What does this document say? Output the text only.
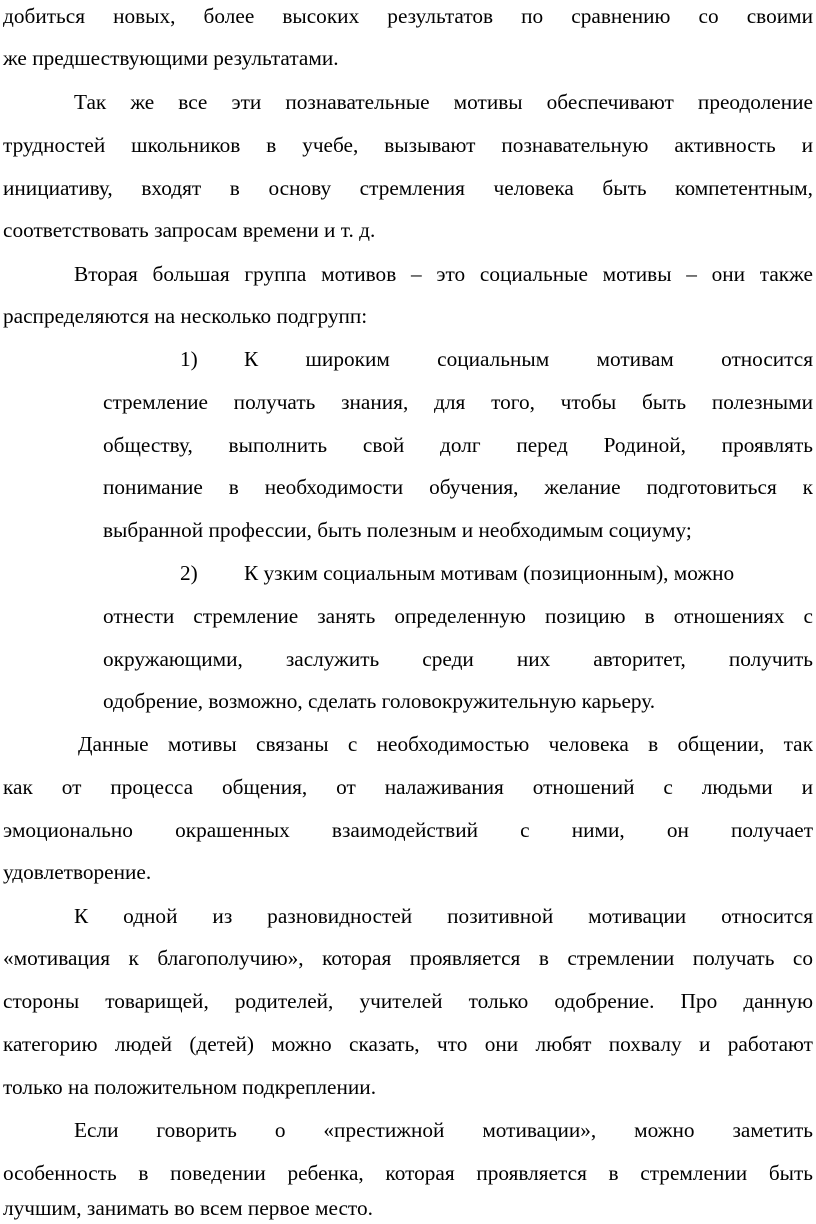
добиться новых, более высоких результатов по сравнению со своими
же предшествующими результатами.
Так же все эти познавательные мотивы обеспечивают преодоление
трудностей школьников в учебе, вызывают познавательную активность и
инициативу, входят в основу стремления человека быть компетентным,
соответствовать запросам времени и т. д.
Вторая большая группа мотивов – это социальные мотивы – они также
распределяются на несколько подгрупп:
1)	К широким социальным мотивам относится
стремление получать знания, для того, чтобы быть полезными
обществу, выполнить свой долг перед Родиной, проявлять
понимание в необходимости обучения, желание подготовиться к
выбранной профессии, быть полезным и необходимым социуму;
2)	К узким социальным мотивам (позиционным), можно
отнести стремление занять определенную позицию в отношениях с
окружающими, заслужить среди них авторитет, получить
одобрение, возможно, сделать головокружительную карьеру.
Данные мотивы связаны с необходимостью человека в общении, так
как от процесса общения, от налаживания отношений с людьми и
эмоционально окрашенных взаимодействий с ними, он получает
удовлетворение.
К одной из разновидностей позитивной мотивации относится
«мотивация к благополучию», которая проявляется в стремлении получать со
стороны товарищей, родителей, учителей только одобрение. Про данную
категорию людей (детей) можно сказать, что они любят похвалу и работают
только на положительном подкреплении.
Если говорить о «престижной мотивации», можно заметить
особенность в поведении ребенка, которая проявляется в стремлении быть
лучшим, занимать во всем первое место.
